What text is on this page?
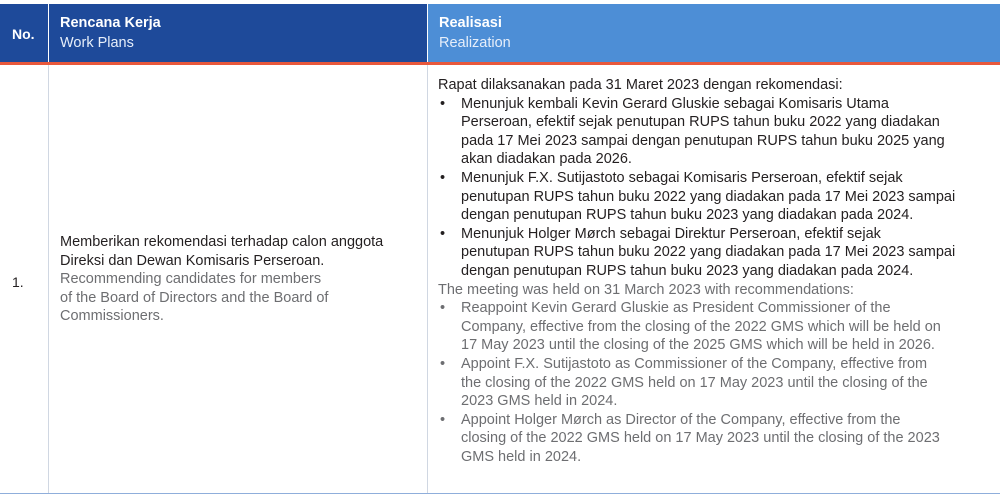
No.
Rencana Kerja
Work Plans
Realisasi
Realization
1.
Memberikan rekomendasi terhadap calon anggota
Direksi dan Dewan Komisaris Perseroan.
Recommending candidates for members
of the Board of Directors and the Board of
Commissioners.
Rapat dilaksanakan pada 31 Maret 2023 dengan rekomendasi:
• Menunjuk kembali Kevin Gerard Gluskie sebagai Komisaris Utama
Perseroan, efektif sejak penutupan RUPS tahun buku 2022 yang diadakan
pada 17 Mei 2023 sampai dengan penutupan RUPS tahun buku 2025 yang
akan diadakan pada 2026.
• Menunjuk F.X. Sutijastoto sebagai Komisaris Perseroan, efektif sejak
penutupan RUPS tahun buku 2022 yang diadakan pada 17 Mei 2023 sampai
dengan penutupan RUPS tahun buku 2023 yang diadakan pada 2024.
• Menunjuk Holger Mørch sebagai Direktur Perseroan, efektif sejak
penutupan RUPS tahun buku 2022 yang diadakan pada 17 Mei 2023 sampai
dengan penutupan RUPS tahun buku 2023 yang diadakan pada 2024.
The meeting was held on 31 March 2023 with recommendations:
• Reappoint Kevin Gerard Gluskie as President Commissioner of the
Company, effective from the closing of the 2022 GMS which will be held on
17 May 2023 until the closing of the 2025 GMS which will be held in 2026.
• Appoint F.X. Sutijastoto as Commissioner of the Company, effective from
the closing of the 2022 GMS held on 17 May 2023 until the closing of the
2023 GMS held in 2024.
• Appoint Holger Mørch as Director of the Company, effective from the
closing of the 2022 GMS held on 17 May 2023 until the closing of the 2023
GMS held in 2024.
